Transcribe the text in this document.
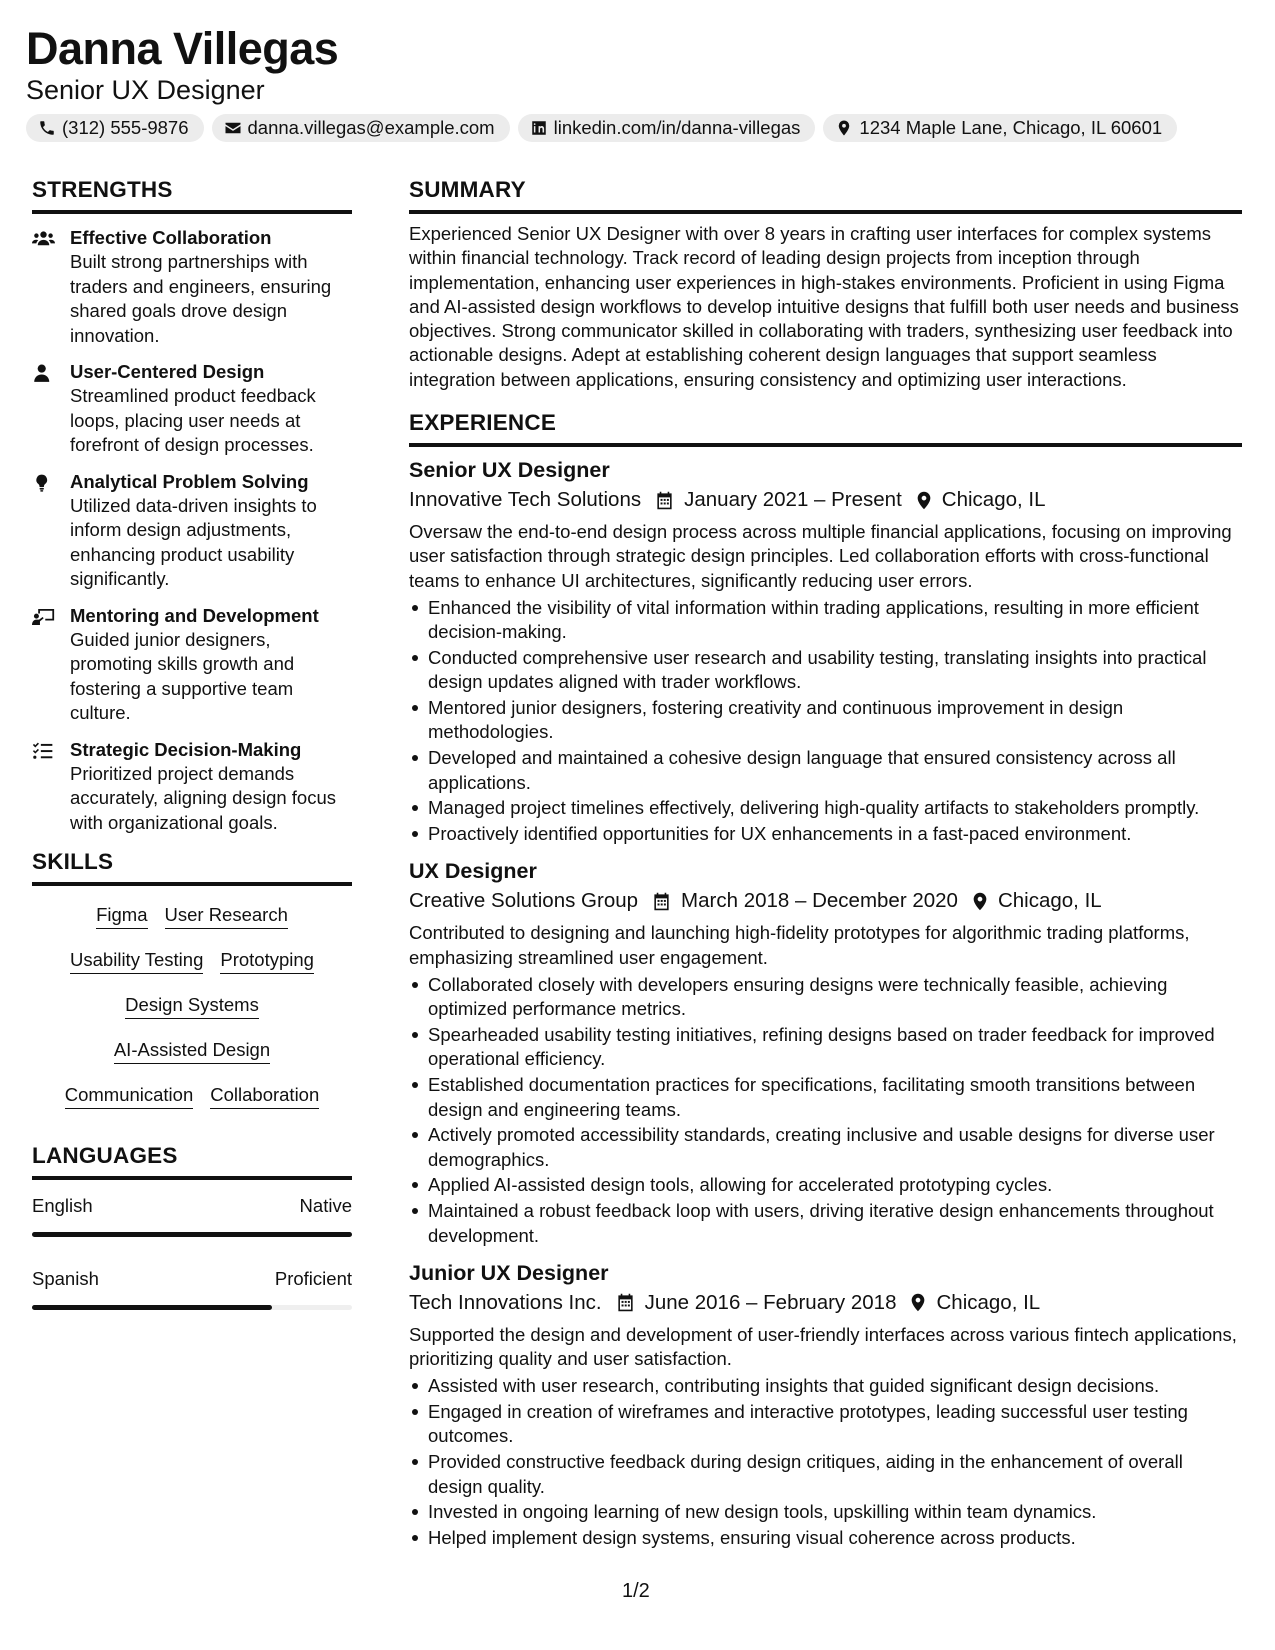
Danna Villegas
Senior UX Designer
(312) 555-9876	danna.villegas@example.com	linkedin.com/in/danna-villegas	1234 Maple Lane, Chicago, IL 60601
STRENGTHS
Effective Collaboration
Built strong partnerships with traders and engineers, ensuring shared goals drove design innovation.
User-Centered Design
Streamlined product feedback loops, placing user needs at forefront of design processes.
Analytical Problem Solving
Utilized data-driven insights to inform design adjustments, enhancing product usability significantly.
Mentoring and Development
Guided junior designers, promoting skills growth and fostering a supportive team culture.
Strategic Decision-Making
Prioritized project demands accurately, aligning design focus with organizational goals.
SKILLS
Figma User Research
Usability Testing Prototyping
Design Systems
AI-Assisted Design
Communication Collaboration
LANGUAGES
English	Native
Spanish	Proficient
SUMMARY
Experienced Senior UX Designer with over 8 years in crafting user interfaces for complex systems within financial technology. Track record of leading design projects from inception through implementation, enhancing user experiences in high-stakes environments. Proficient in using Figma and AI-assisted design workflows to develop intuitive designs that fulfill both user needs and business objectives. Strong communicator skilled in collaborating with traders, synthesizing user feedback into actionable designs. Adept at establishing coherent design languages that support seamless integration between applications, ensuring consistency and optimizing user interactions.
EXPERIENCE
Senior UX Designer
Innovative Tech Solutions January 2021 – Present Chicago, IL
Oversaw the end-to-end design process across multiple financial applications, focusing on improving user satisfaction through strategic design principles. Led collaboration efforts with cross-functional teams to enhance UI architectures, significantly reducing user errors.
Enhanced the visibility of vital information within trading applications, resulting in more efficient decision-making.
Conducted comprehensive user research and usability testing, translating insights into practical design updates aligned with trader workflows.
Mentored junior designers, fostering creativity and continuous improvement in design methodologies.
Developed and maintained a cohesive design language that ensured consistency across all applications.
Managed project timelines effectively, delivering high-quality artifacts to stakeholders promptly.
Proactively identified opportunities for UX enhancements in a fast-paced environment.
UX Designer
Creative Solutions Group March 2018 – December 2020 Chicago, IL
Contributed to designing and launching high-fidelity prototypes for algorithmic trading platforms, emphasizing streamlined user engagement.
Collaborated closely with developers ensuring designs were technically feasible, achieving optimized performance metrics.
Spearheaded usability testing initiatives, refining designs based on trader feedback for improved operational efficiency.
Established documentation practices for specifications, facilitating smooth transitions between design and engineering teams.
Actively promoted accessibility standards, creating inclusive and usable designs for diverse user demographics.
Applied AI-assisted design tools, allowing for accelerated prototyping cycles.
Maintained a robust feedback loop with users, driving iterative design enhancements throughout development.
Junior UX Designer
Tech Innovations Inc. June 2016 – February 2018 Chicago, IL
Supported the design and development of user-friendly interfaces across various fintech applications, prioritizing quality and user satisfaction.
Assisted with user research, contributing insights that guided significant design decisions.
Engaged in creation of wireframes and interactive prototypes, leading successful user testing outcomes.
Provided constructive feedback during design critiques, aiding in the enhancement of overall design quality.
Invested in ongoing learning of new design tools, upskilling within team dynamics.
Helped implement design systems, ensuring visual coherence across products.
1/2
